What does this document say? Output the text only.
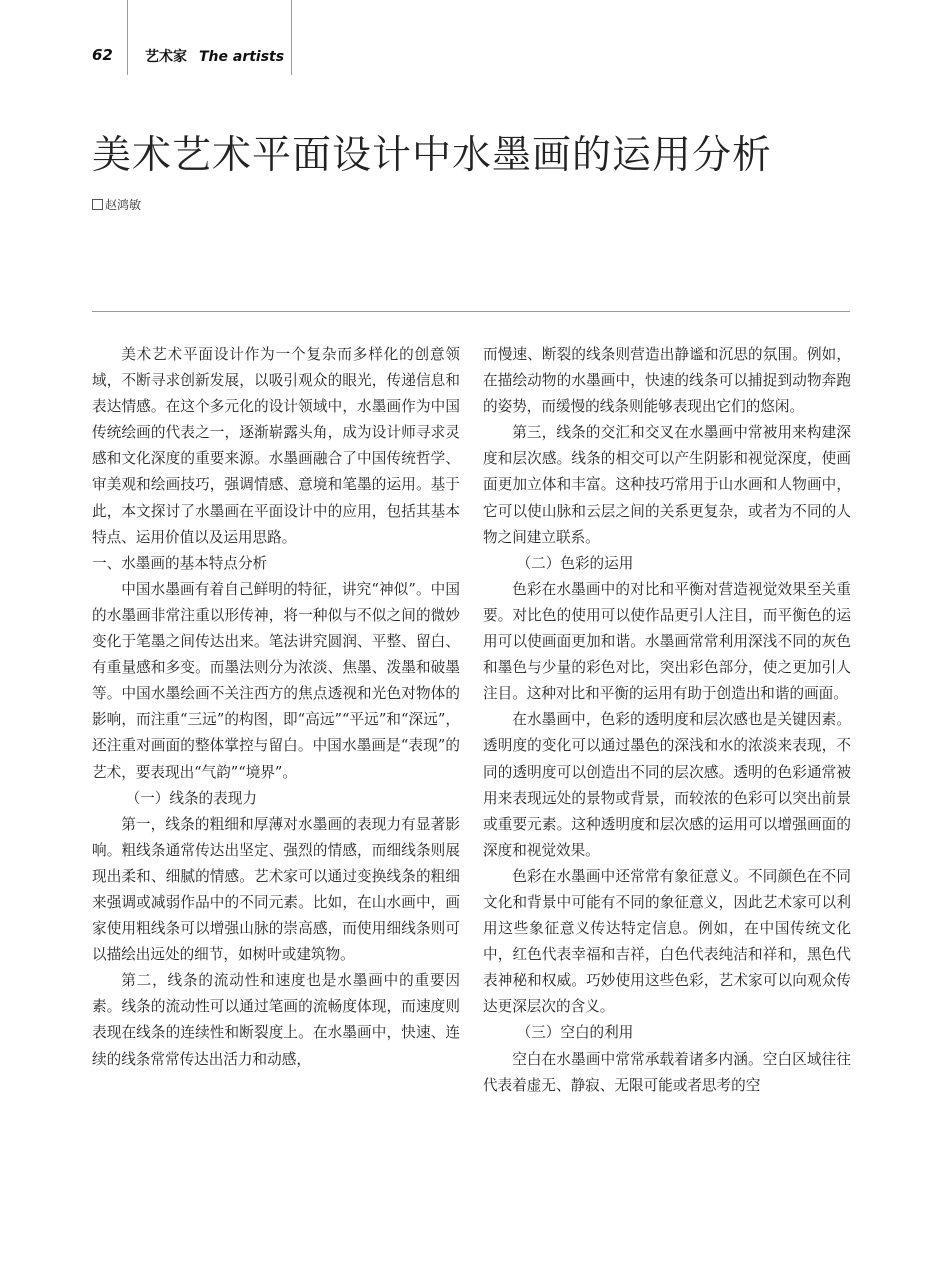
62 艺术家 The artists
美术艺术平面设计中水墨画的运用分析
赵鸿敏

美术艺术平面设计作为一个复杂而多样化的创意领域，不断寻求创新发展，以吸引观众的眼光，传递信息和表达情感。在这个多元化的设计领域中，水墨画作为中国传统绘画的代表之一，逐渐崭露头角，成为设计师寻求灵感和文化深度的重要来源。水墨画融合了中国传统哲学、审美观和绘画技巧，强调情感、意境和笔墨的运用。基于此，本文探讨了水墨画在平面设计中的应用，包括其基本特点、运用价值以及运用思路。

一、水墨画的基本特点分析

中国水墨画有着自己鲜明的特征，讲究“神似”。中国的水墨画非常注重以形传神，将一种似与不似之间的微妙变化于笔墨之间传达出来。笔法讲究圆润、平整、留白、有重量感和多变。而墨法则分为浓淡、焦墨、泼墨和破墨等。中国水墨绘画不关注西方的焦点透视和光色对物体的影响，而注重“三远”的构图，即“高远”“平远”和“深远”，还注重对画面的整体掌控与留白。中国水墨画是“表现”的艺术，要表现出“气韵”“境界”。

（一）线条的表现力

第一，线条的粗细和厚薄对水墨画的表现力有显著影响。粗线条通常传达出坚定、强烈的情感，而细线条则展现出柔和、细腻的情感。艺术家可以通过变换线条的粗细来强调或减弱作品中的不同元素。比如，在山水画中，画家使用粗线条可以增强山脉的崇高感，而使用细线条则可以描绘出远处的细节，如树叶或建筑物。

第二，线条的流动性和速度也是水墨画中的重要因素。线条的流动性可以通过笔画的流畅度体现，而速度则表现在线条的连续性和断裂度上。在水墨画中，快速、连续的线条常常传达出活力和动感，

而慢速、断裂的线条则营造出静谧和沉思的氛围。例如，在描绘动物的水墨画中，快速的线条可以捕捉到动物奔跑的姿势，而缓慢的线条则能够表现出它们的悠闲。

第三，线条的交汇和交叉在水墨画中常被用来构建深度和层次感。线条的相交可以产生阴影和视觉深度，使画面更加立体和丰富。这种技巧常用于山水画和人物画中，它可以使山脉和云层之间的关系更复杂，或者为不同的人物之间建立联系。

（二）色彩的运用

色彩在水墨画中的对比和平衡对营造视觉效果至关重要。对比色的使用可以使作品更引人注目，而平衡色的运用可以使画面更加和谐。水墨画常常利用深浅不同的灰色和墨色与少量的彩色对比，突出彩色部分，使之更加引人注目。这种对比和平衡的运用有助于创造出和谐的画面。

在水墨画中，色彩的透明度和层次感也是关键因素。透明度的变化可以通过墨色的深浅和水的浓淡来表现，不同的透明度可以创造出不同的层次感。透明的色彩通常被用来表现远处的景物或背景，而较浓的色彩可以突出前景或重要元素。这种透明度和层次感的运用可以增强画面的深度和视觉效果。

色彩在水墨画中还常常有象征意义。不同颜色在不同文化和背景中可能有不同的象征意义，因此艺术家可以利用这些象征意义传达特定信息。例如，在中国传统文化中，红色代表幸福和吉祥，白色代表纯洁和祥和，黑色代表神秘和权威。巧妙使用这些色彩，艺术家可以向观众传达更深层次的含义。

（三）空白的利用

空白在水墨画中常常承载着诸多内涵。空白区域往往代表着虚无、静寂、无限可能或者思考的空
